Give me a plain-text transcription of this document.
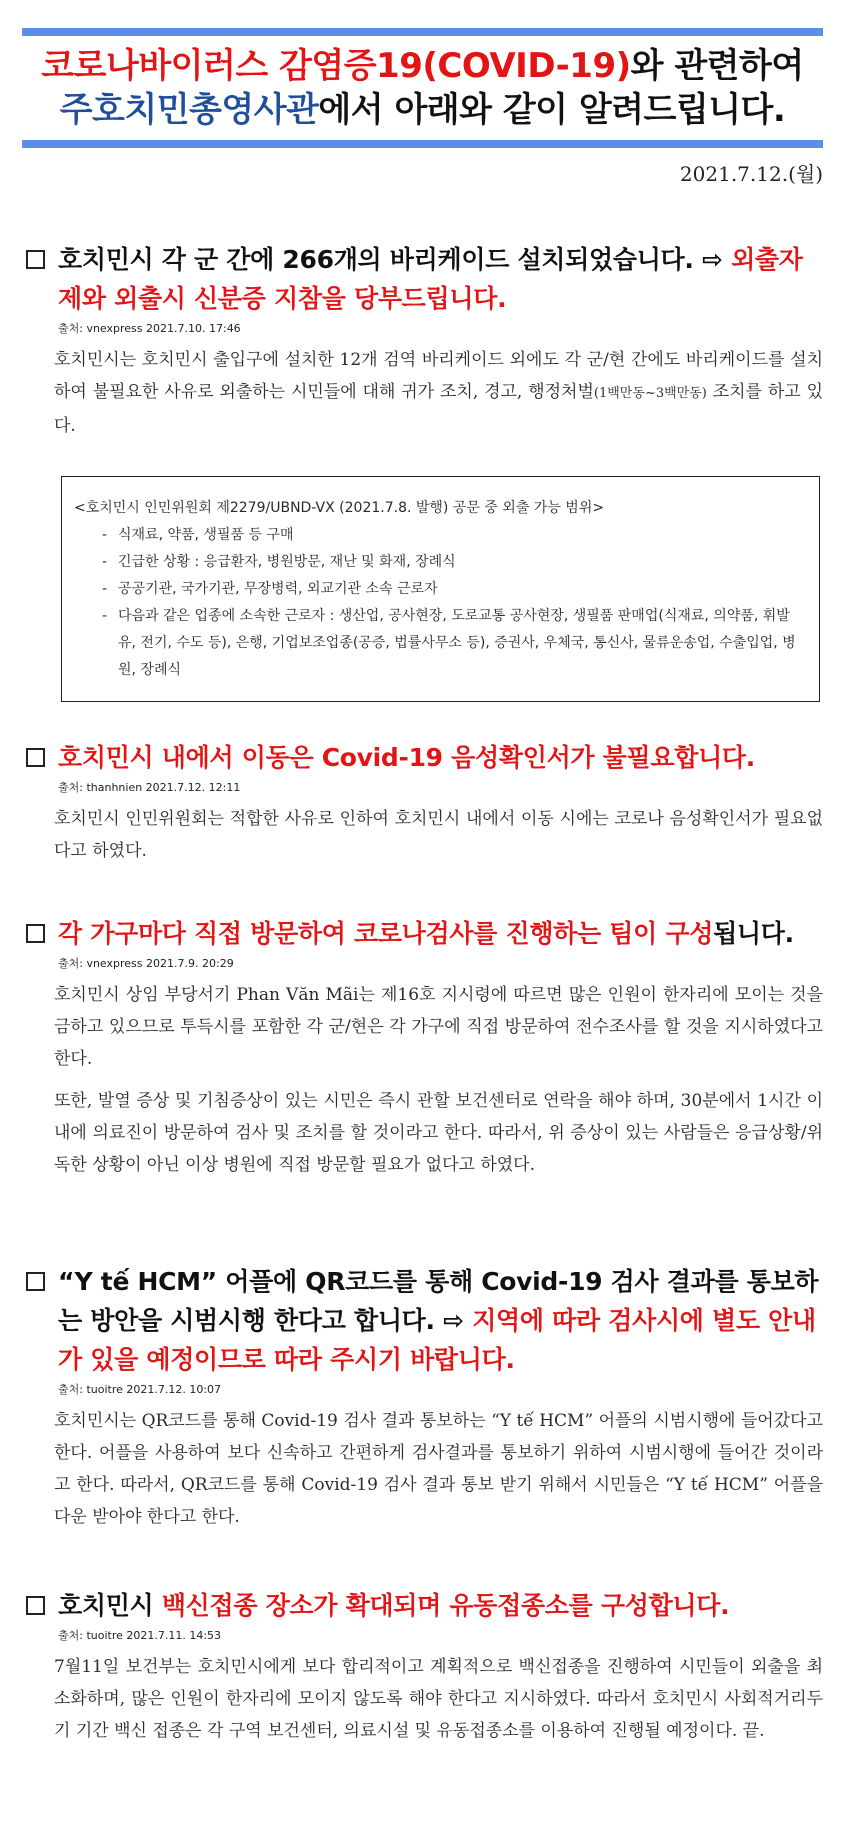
코로나바이러스 감염증19(COVID-19)와 관련하여
주호치민총영사관에서 아래와 같이 알려드립니다.
2021.7.12.(월)
호치민시 각 군 간에 266개의 바리케이드 설치되었습니다. ⇨ 외출자제와 외출시 신분증 지참을 당부드립니다.
출처: vnexpress 2021.7.10. 17:46

호치민시는 호치민시 출입구에 설치한 12개 검역 바리케이드 외에도 각 군/현 간에도 바리케이드를 설치하여 불필요한 사유로 외출하는 시민들에 대해 귀가 조치, 경고, 행정처벌(1백만동~3백만동) 조치를 하고 있다.

<호치민시 인민위원회 제2279/UBND-VX (2021.7.8. 발행) 공문 중 외출 가능 범위>
- 식재료, 약품, 생필품 등 구매
- 긴급한 상황 : 응급환자, 병원방문, 재난 및 화재, 장례식
- 공공기관, 국가기관, 무장병력, 외교기관 소속 근로자
- 다음과 같은 업종에 소속한 근로자 : 생산업, 공사현장, 도로교통 공사현장, 생필품 판매업(식재료, 의약품, 휘발유, 전기, 수도 등), 은행, 기업보조업종(공증, 법률사무소 등), 증권사, 우체국, 통신사, 물류운송업, 수출입업, 병원, 장례식
호치민시 내에서 이동은 Covid-19 음성확인서가 불필요합니다.
출처: thanhnien 2021.7.12. 12:11

호치민시 인민위원회는 적합한 사유로 인하여 호치민시 내에서 이동 시에는 코로나 음성확인서가 필요없다고 하였다.

각 가구마다 직접 방문하여 코로나검사를 진행하는 팀이 구성됩니다.
출처: vnexpress 2021.7.9. 20:29

호치민시 상임 부당서기 Phan Văn Mãi는 제16호 지시령에 따르면 많은 인원이 한자리에 모이는 것을 금하고 있으므로 투득시를 포함한 각 군/현은 각 가구에 직접 방문하여 전수조사를 할 것을 지시하였다고 한다.

또한, 발열 증상 및 기침증상이 있는 시민은 즉시 관할 보건센터로 연락을 해야 하며, 30분에서 1시간 이내에 의료진이 방문하여 검사 및 조치를 할 것이라고 한다. 따라서, 위 증상이 있는 사람들은 응급상황/위독한 상황이 아닌 이상 병원에 직접 방문할 필요가 없다고 하였다.

“Y tế HCM” 어플에 QR코드를 통해 Covid-19 검사 결과를 통보하는 방안을 시범시행 한다고 합니다. ⇨ 지역에 따라 검사시에 별도 안내가 있을 예정이므로 따라 주시기 바랍니다.
출처: tuoitre 2021.7.12. 10:07

호치민시는 QR코드를 통해 Covid-19 검사 결과 통보하는 “Y tế HCM” 어플의 시범시행에 들어갔다고 한다. 어플을 사용하여 보다 신속하고 간편하게 검사결과를 통보하기 위하여 시범시행에 들어간 것이라고 한다. 따라서, QR코드를 통해 Covid-19 검사 결과 통보 받기 위해서 시민들은 “Y tế HCM” 어플을 다운 받아야 한다고 한다.

호치민시 백신접종 장소가 확대되며 유동접종소를 구성합니다.
출처: tuoitre 2021.7.11. 14:53

7월11일 보건부는 호치민시에게 보다 합리적이고 계획적으로 백신접종을 진행하여 시민들이 외출을 최소화하며, 많은 인원이 한자리에 모이지 않도록 해야 한다고 지시하였다. 따라서 호치민시 사회적거리두기 기간 백신 접종은 각 구역 보건센터, 의료시설 및 유동접종소를 이용하여 진행될 예정이다. 끝.
